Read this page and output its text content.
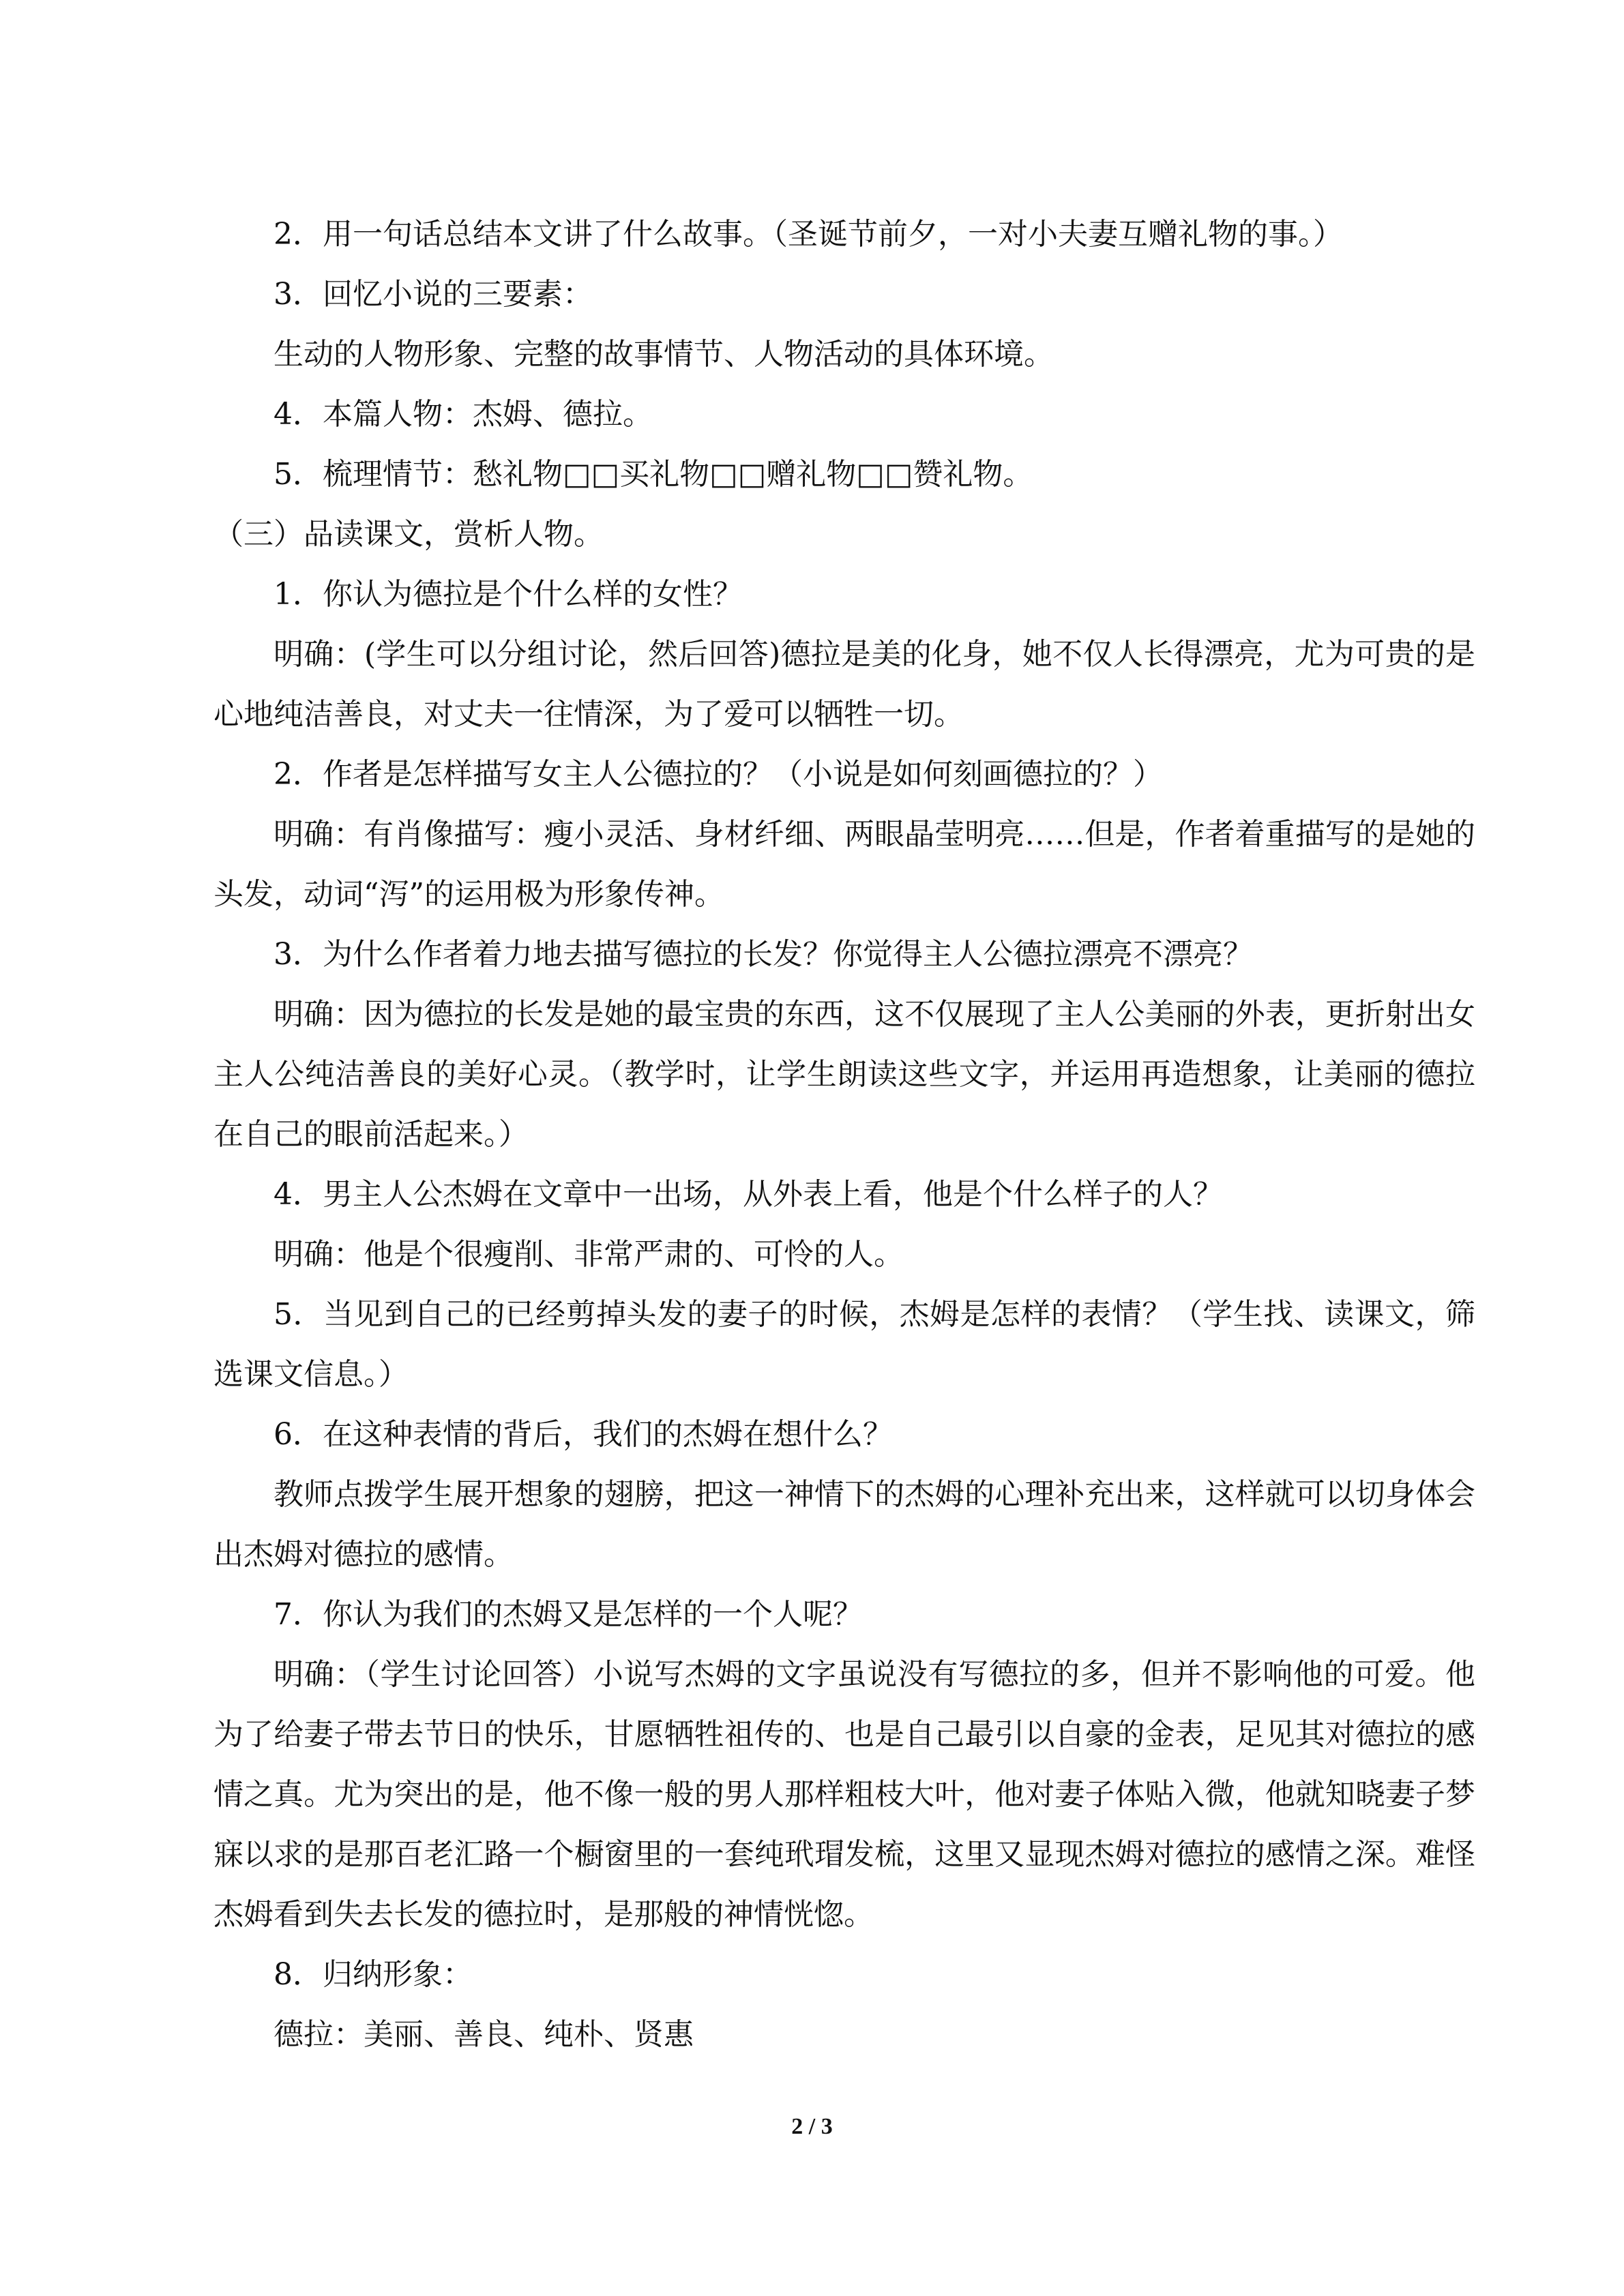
2．用一句话总结本文讲了什么故事。（圣诞节前夕，一对小夫妻互赠礼物的事。）

3．回忆小说的三要素：

生动的人物形象、完整的故事情节、人物活动的具体环境。

4．本篇人物：杰姆、德拉。

5．梳理情节：愁礼物□□买礼物□□赠礼物□□赞礼物。

（三）品读课文，赏析人物。

1．你认为德拉是个什么样的女性？

明确：(学生可以分组讨论，然后回答)德拉是美的化身，她不仅人长得漂亮，尤为可贵的是心地纯洁善良，对丈夫一往情深，为了爱可以牺牲一切。

2．作者是怎样描写女主人公德拉的？（小说是如何刻画德拉的？）

明确：有肖像描写：瘦小灵活、身材纤细、两眼晶莹明亮……但是，作者着重描写的是她的头发，动词“泻”的运用极为形象传神。

3．为什么作者着力地去描写德拉的长发？你觉得主人公德拉漂亮不漂亮？

明确：因为德拉的长发是她的最宝贵的东西，这不仅展现了主人公美丽的外表，更折射出女主人公纯洁善良的美好心灵。（教学时，让学生朗读这些文字，并运用再造想象，让美丽的德拉在自己的眼前活起来。）

4．男主人公杰姆在文章中一出场，从外表上看，他是个什么样子的人？

明确：他是个很瘦削、非常严肃的、可怜的人。

5．当见到自己的已经剪掉头发的妻子的时候，杰姆是怎样的表情？（学生找、读课文，筛选课文信息。）

6．在这种表情的背后，我们的杰姆在想什么？

教师点拨学生展开想象的翅膀，把这一神情下的杰姆的心理补充出来，这样就可以切身体会出杰姆对德拉的感情。

7．你认为我们的杰姆又是怎样的一个人呢？

明确：（学生讨论回答）小说写杰姆的文字虽说没有写德拉的多，但并不影响他的可爱。他为了给妻子带去节日的快乐，甘愿牺牲祖传的、也是自己最引以自豪的金表，足见其对德拉的感情之真。尤为突出的是，他不像一般的男人那样粗枝大叶，他对妻子体贴入微，他就知晓妻子梦寐以求的是那百老汇路一个橱窗里的一套纯玳瑁发梳，这里又显现杰姆对德拉的感情之深。难怪杰姆看到失去长发的德拉时，是那般的神情恍惚。

8．归纳形象：

德拉：美丽、善良、纯朴、贤惠

2 / 3
